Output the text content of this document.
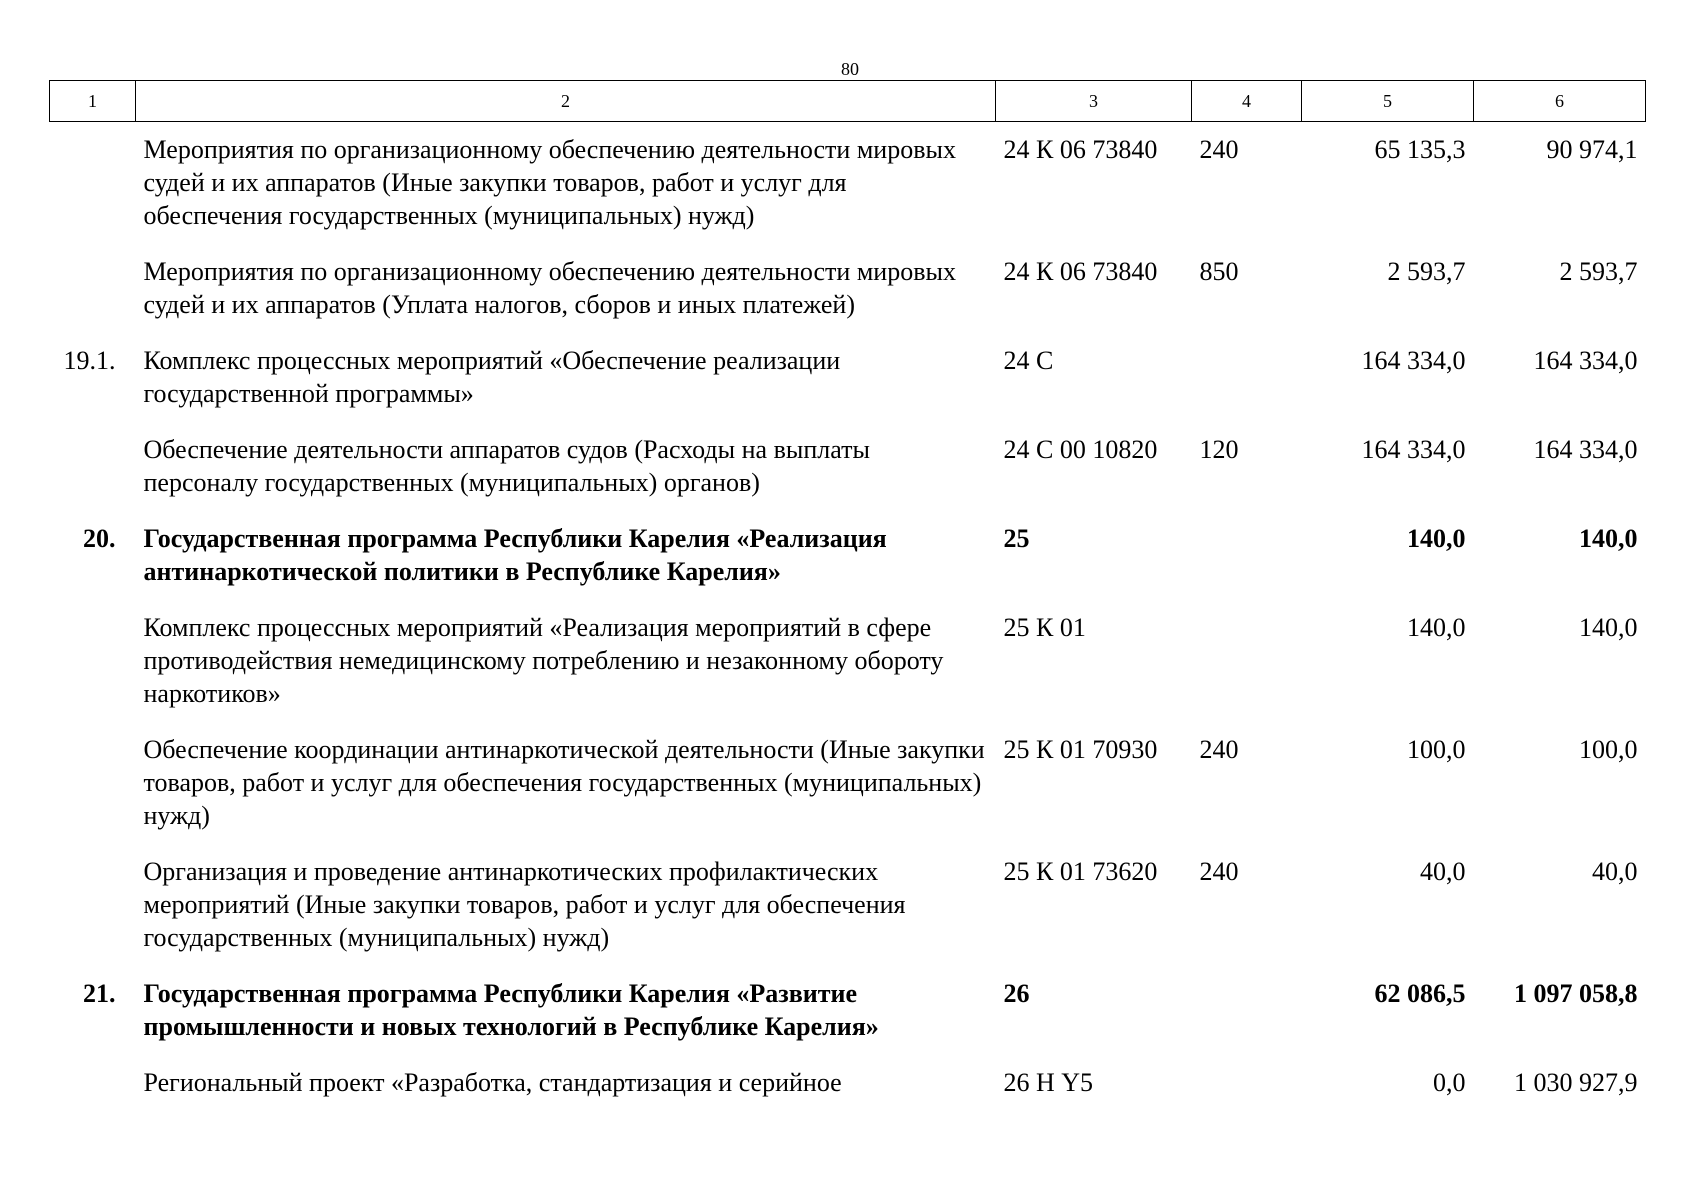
80
1	2	3	4	5	6
	Мероприятия по организационному обеспечению деятельности мировых судей и их аппаратов (Иные закупки товаров, работ и услуг для обеспечения государственных (муниципальных) нужд)	24 К 06 73840	240	65 135,3	90 974,1
	Мероприятия по организационному обеспечению деятельности мировых судей и их аппаратов (Уплата налогов, сборов и иных платежей)	24 К 06 73840	850	2 593,7	2 593,7
19.1.	Комплекс процессных мероприятий «Обеспечение реализации государственной программы»	24 С		164 334,0	164 334,0
	Обеспечение деятельности аппаратов судов (Расходы на выплаты персоналу государственных (муниципальных) органов)	24 С 00 10820	120	164 334,0	164 334,0
20.	Государственная программа Республики Карелия «Реализация антинаркотической политики в Республике Карелия»	25		140,0	140,0
	Комплекс процессных мероприятий «Реализация мероприятий в сфере противодействия немедицинскому потреблению и незаконному обороту наркотиков»	25 К 01		140,0	140,0
	Обеспечение координации антинаркотической деятельности (Иные закупки товаров, работ и услуг для обеспечения государственных (муниципальных) нужд)	25 К 01 70930	240	100,0	100,0
	Организация и проведение антинаркотических профилактических мероприятий (Иные закупки товаров, работ и услуг для обеспечения государственных (муниципальных) нужд)	25 К 01 73620	240	40,0	40,0
21.	Государственная программа Республики Карелия «Развитие промышленности и новых технологий в Республике Карелия»	26		62 086,5	1 097 058,8
	Региональный проект «Разработка, стандартизация и серийное	26 Н Y5		0,0	1 030 927,9
